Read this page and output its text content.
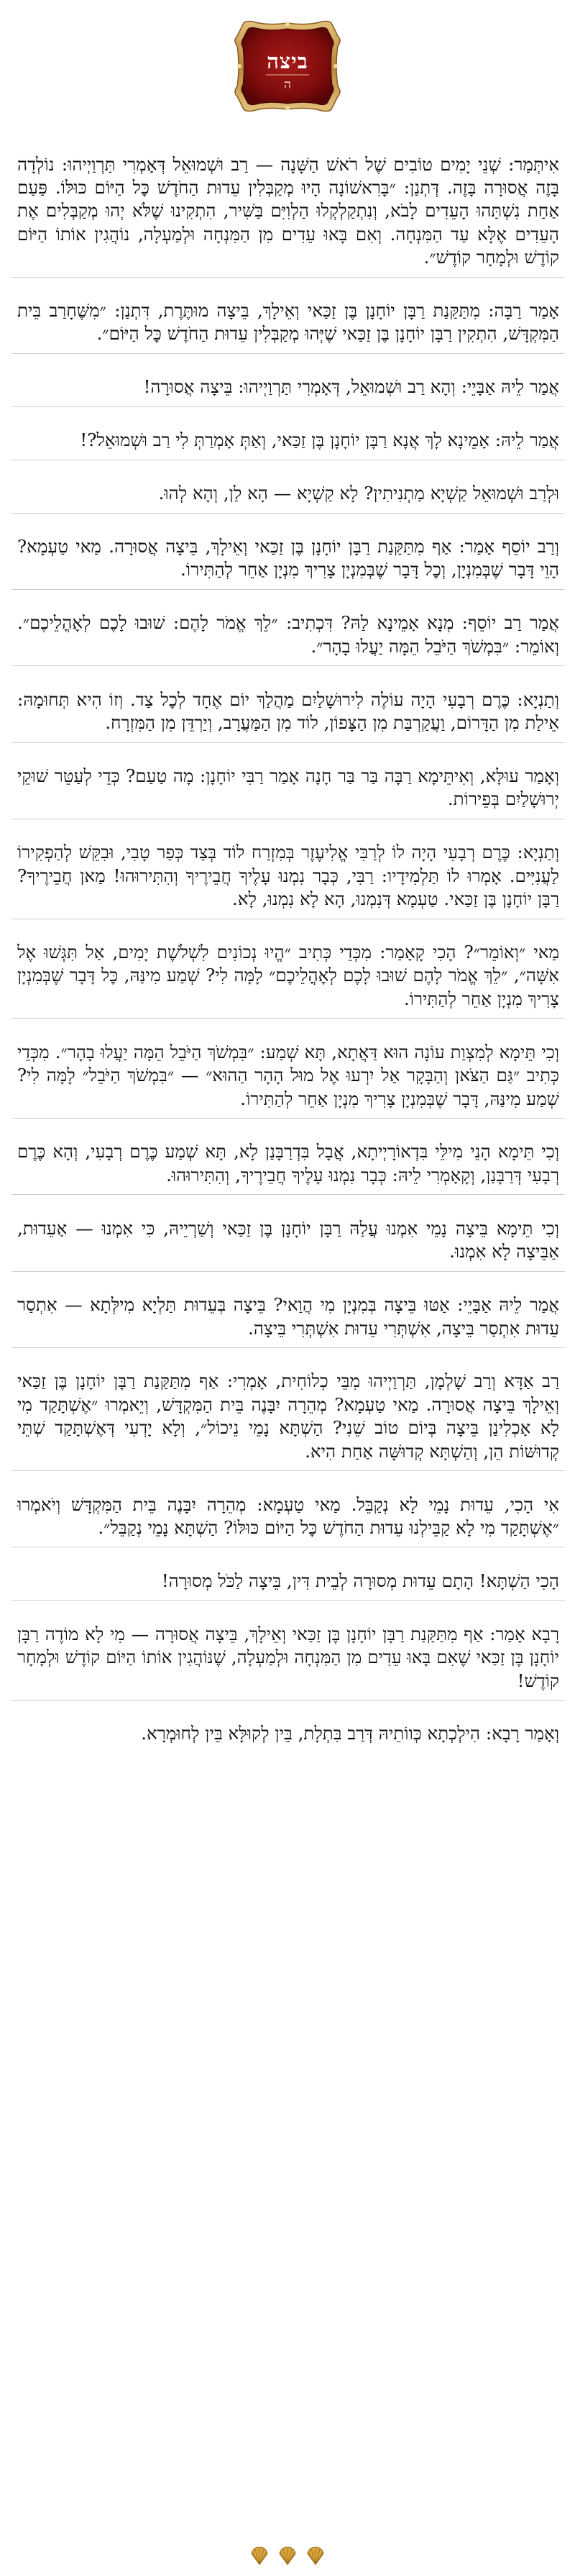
ביצה
ה

אִיתְּמַר: שְׁנֵי יָמִים טוֹבִים שֶׁל רֹאשׁ הַשָּׁנָה — רַב וּשְׁמוּאֵל דְּאָמְרִי תַּרְוַיְיהוּ: נוֹלְדָה בָּזֶה אֲסוּרָה בָּזֶה. דְּתְנַן: ״בָּרִאשׁוֹנָה הָיוּ מְקַבְּלִין עֵדוּת הַחֹדֶשׁ כׇּל הַיּוֹם כּוּלּוֹ. פַּעַם אַחַת נִשְׁתַּהוּ הָעֵדִים לָבֹא, וְנִתְקַלְקְלוּ הַלְוִיִּם בַּשִּׁיר, הִתְקִינוּ שֶׁלֹּא יְהוּ מְקַבְּלִים אֶת הָעֵדִים אֶלָּא עַד הַמִּנְחָה. וְאִם בָּאוּ עֵדִים מִן הַמִּנְחָה וּלְמַעְלָה, נוֹהֲגִין אוֹתוֹ הַיּוֹם קוֹדֶשׁ וּלְמָחָר קוֹדֶשׁ״.

אָמַר רַבָּה: מִתַּקַּנַת רַבָּן יוֹחָנָן בֶּן זַכַּאי וְאֵילָךְ, בֵּיצָה מוּתֶּרֶת, דִּתְנַן: ״מִשֶּׁחָרַב בֵּית הַמִּקְדָּשׁ, הִתְקִין רַבָּן יוֹחָנָן בֶּן זַכַּאי שֶׁיְּהוּ מְקַבְּלִין עֵדוּת הַחֹדֶשׁ כׇּל הַיּוֹם״.

אֲמַר לֵיהּ אַבָּיֵי: וְהָא רַב וּשְׁמוּאֵל, דְּאָמְרִי תַּרְוַיְיהוּ: בֵּיצָה אֲסוּרָה!

אֲמַר לֵיהּ: אָמֵינָא לָךְ אֲנָא רַבָּן יוֹחָנָן בֶּן זַכַּאי, וְאַתְּ אָמְרַתְּ לִי רַב וּשְׁמוּאֵל?!

וּלְרַב וּשְׁמוּאֵל קַשְׁיָא מַתְנִיתִין? לָא קַשְׁיָא — הָא לַן, וְהָא לְהוּ.

וְרַב יוֹסֵף אָמַר: אַף מִתַּקַּנַת רַבָּן יוֹחָנָן בֶּן זַכַּאי וְאֵילָךְ, בֵּיצָה אֲסוּרָה. מַאי טַעְמָא? הָוֵי דָּבָר שֶׁבְּמִנְיָן, וְכׇל דָּבָר שֶׁבְּמִנְיָן צָרִיךְ מִנְיָן אַחֵר לְהַתִּירוֹ.

אֲמַר רַב יוֹסֵף: מְנָא אָמֵינָא לַהּ? דִּכְתִיב: ״לֵךְ אֱמֹר לָהֶם: שׁוּבוּ לָכֶם לְאׇהֳלֵיכֶם״. וְאוֹמֵר: ״בִּמְשֹׁךְ הַיֹּבֵל הֵמָּה יַעֲלוּ בָהָר״.

וְתַנְיָא: כֶּרֶם רְבָעִי הָיָה עוֹלֶה לִירוּשָׁלַיִם מַהֲלַךְ יוֹם אֶחָד לְכׇל צַד. וְזוֹ הִיא תְּחוּמָהּ: אֵילַת מִן הַדָּרוֹם, וַעֲקַרְבַּת מִן הַצָּפוֹן, לוֹד מִן הַמַּעֲרָב, וְיַרְדֵּן מִן הַמִּזְרָח.

וְאָמַר עוּלָּא, וְאִיתֵּימָא רַבָּה בַּר בַּר חָנָה אָמַר רַבִּי יוֹחָנָן: מָה טַעַם? כְּדֵי לְעַטֵּר שׁוּקֵי יְרוּשָׁלַיִם בְּפֵירוֹת.

וְתַנְיָא: כֶּרֶם רְבָעִי הָיָה לוֹ לְרַבִּי אֱלִיעֶזֶר בְּמִזְרַח לוֹד בְּצַד כְּפַר טָבִי, וּבִקֵּשׁ לְהַפְקִירוֹ לַעֲנִיִּים. אָמְרוּ לוֹ תַּלְמִידָיו: רַבִּי, כְּבָר נִמְנוּ עָלֶיךָ חֲבֵירֶיךָ וְהִתִּירוּהוּ! מַאן חֲבֵירֶיךָ? רַבָּן יוֹחָנָן בֶּן זַכַּאי. טַעְמָא דְּנִמְנוּ, הָא לָא נִמְנוּ, לָא.

מַאי ״וְאוֹמֵר״? הָכִי קָאָמַר: מִכְּדֵי כְּתִיב ״הֱיוּ נְכוֹנִים לִשְׁלֹשֶׁת יָמִים, אַל תִּגְּשׁוּ אֶל אִשָּׁה״, ״לֵךְ אֱמֹר לָהֶם שׁוּבוּ לָכֶם לְאׇהֳלֵיכֶם״ לָמָּה לִי? שְׁמַע מִינַּהּ, כׇּל דָּבָר שֶׁבְּמִנְיָן צָרִיךְ מִנְיָן אַחֵר לְהַתִּירוֹ.

וְכִי תֵּימָא לְמִצְוַת עוֹנָה הוּא דַּאֲתָא, תָּא שְׁמַע: ״בִּמְשֹׁךְ הַיֹּבֵל הֵמָּה יַעֲלוּ בָהָר״. מִכְּדֵי כְּתִיב ״גַּם הַצֹּאן וְהַבָּקָר אַל יִרְעוּ אֶל מוּל הָהָר הַהוּא״ — ״בִּמְשֹׁךְ הַיֹּבֵל״ לָמָּה לִי? שְׁמַע מִינַּהּ, דָּבָר שֶׁבְּמִנְיָן צָרִיךְ מִנְיָן אַחֵר לְהַתִּירוֹ.

וְכִי תֵּימָא הָנֵי מִילֵּי בִּדְאוֹרָיְיתָא, אֲבָל בִּדְרַבָּנַן לָא, תָּא שְׁמַע כֶּרֶם רְבָעִי, וְהָא כֶּרֶם רְבָעִי דְּרַבָּנַן, וְקָאָמְרִי לֵיהּ: כְּבָר נִמְנוּ עָלֶיךָ חֲבֵירֶיךָ, וְהִתִּירוּהוּ.

וְכִי תֵּימָא בֵּיצָה נָמֵי אִמְנוּ עֲלַהּ רַבָּן יוֹחָנָן בֶּן זַכַּאי וְשַׁרְיֵיהּ, כִּי אִמְנוּ — אַעֵדוּת, אַבֵּיצָה לָא אִמְנוּ.

אֲמַר לֵיהּ אַבָּיֵי: אַטּוּ בֵּיצָה בְּמִנְיָן מִי הֲוַאי? בֵּיצָה בְּעֵדוּת תַּלְיָא מִילְּתָא — אִתְסַר עֵדוּת אִתְסַר בֵּיצָה, אִשְׁתְּרִי עֵדוּת אִשְׁתְּרִי בֵּיצָה.

רַב אַדָּא וְרַב שָׁלְמָן, תַּרְוַיְיהוּ מִבֵּי כְלוֹחִית, אָמְרִי: אַף מִתַּקַּנַת רַבָּן יוֹחָנָן בֶּן זַכַּאי וְאֵילָךְ בֵּיצָה אֲסוּרָה. מַאי טַעְמָא? מְהֵרָה יִבָּנֶה בֵּית הַמִּקְדָּשׁ, וְיֵאמְרוּ ״אֶשְׁתָּקַד מִי לָא אָכְלִינַן בֵּיצָה בְּיוֹם טוֹב שֵׁנִי? הַשְׁתָּא נָמֵי נֵיכוֹל״, וְלָא יָדְעִי דְּאֶשְׁתָּקַד שְׁתֵּי קְדוּשּׁוֹת הֵן, וְהַשְׁתָּא קְדוּשָּׁה אַחַת הִיא.

אִי הָכִי, עֵדוּת נָמֵי לָא נְקַבֵּל. מַאי טַעְמָא: מְהֵרָה יִבָּנֶה בֵּית הַמִּקְדָּשׁ וְיֹאמְרוּ ״אֶשְׁתָּקַד מִי לָא קַבֵּילְנוּ עֵדוּת הַחֹדֶשׁ כׇּל הַיּוֹם כּוּלּוֹ? הַשְׁתָּא נָמֵי נְקַבֵּל״.

הָכִי הַשְׁתָּא! הָתָם עֵדוּת מְסוּרָה לְבֵית דִּין, בֵּיצָה לַכֹּל מְסוּרָה!

רָבָא אָמַר: אַף מִתַּקַּנַת רַבָּן יוֹחָנָן בֶּן זַכַּאי וְאֵילָךְ, בֵּיצָה אֲסוּרָה — מִי לָא מוֹדֶה רַבָּן יוֹחָנָן בֶּן זַכַּאי שֶׁאִם בָּאוּ עֵדִים מִן הַמִּנְחָה וּלְמַעְלָה, שֶׁנּוֹהֲגִין אוֹתוֹ הַיּוֹם קוֹדֶשׁ וּלְמָחָר קוֹדֶשׁ!

וְאָמַר רָבָא: הִילְכְתָא כְּווֹתֵיהּ דְּרַב בִּתְלָת, בֵּין לְקוּלָּא בֵּין לְחוּמְרָא.
